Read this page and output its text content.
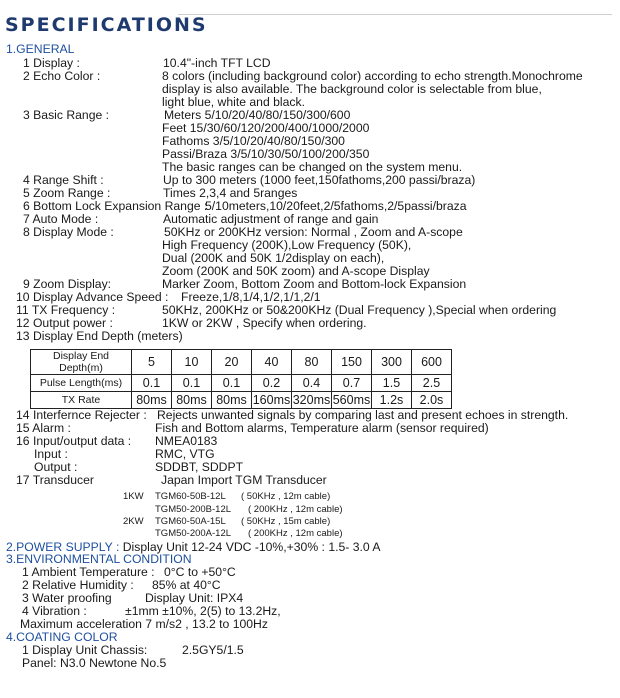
SPECIFICATIONS
1.GENERAL
1 Display :	10.4"-inch TFT LCD
2 Echo Color :	8 colors (including background color) according to echo strength.Monochrome
display is also available. The background color is selectable from blue,
light blue, white and black.
3 Basic Range :	Meters 5/10/20/40/80/150/300/600
Feet 15/30/60/120/200/400/1000/2000
Fathoms 3/5/10/20/40/80/150/300
Passi/Braza 3/5/10/30/50/100/200/350
The basic ranges can be changed on the system menu.
4 Range Shift :	Up to 300 meters (1000 feet,150fathoms,200 passi/braza)
5 Zoom Range :	Times 2,3,4 and 5ranges
6 Bottom Lock Expansion Range :
5/10meters,10/20feet,2/5fathoms,2/5passi/braza
7 Auto Mode :	Automatic adjustment of range and gain
8 Display Mode :	50KHz or 200KHz version: Normal , Zoom and A-scope
High Frequency (200K),Low Frequency (50K),
Dual (200K and 50K 1/2display on each),
Zoom (200K and 50K zoom) and A-scope Display
9 Zoom Display:	Marker Zoom, Bottom Zoom and Bottom-lock Expansion
10 Display Advance Speed : Freeze,1/8,1/4,1/2,1/1,2/1
11 TX Frequency :	50KHz, 200KHz or 50&200KHz (Dual Frequency ),Special when ordering
12 Output power :	1KW or 2KW , Specify when ordering.
13 Display End Depth (meters)
Display End Depth(m)	5	10	20	40	80	150	300	600
Pulse Length(ms)	0.1	0.1	0.1	0.2	0.4	0.7	1.5	2.5
TX Rate	80ms	80ms	80ms	160ms	320ms	560ms	1.2s	2.0s
14 Interfernce Rejecter : Rejects unwanted signals by comparing last and present echoes in strength.
15 Alarm :	Fish and Bottom alarms, Temperature alarm (sensor required)
16 Input/output data : NMEA0183
Input :	RMC, VTG
Output :	SDDBT, SDDPT
17 Transducer	Japan Import TGM Transducer
1KW TGM60-50B-12L ( 50KHz , 12m cable)
TGM50-200B-12L ( 200KHz , 12m cable)
2KW TGM60-50A-15L ( 50KHz , 15m cable)
TGM50-200A-12L ( 200KHz , 12m cable)
2.POWER SUPPLY : Display Unit 12-24 VDC -10%,+30% : 1.5- 3.0 A
3.ENVIRONMENTAL CONDITION
1 Ambient Temperature : 0°C to +50°C
2 Relative Humidity : 85% at 40°C
3 Water proofing	Display Unit: IPX4
4 Vibration :	±1mm ±10%, 2(5) to 13.2Hz,
Maximum acceleration 7 m/s2 , 13.2 to 100Hz
4.COATING COLOR
1 Display Unit Chassis:	2.5GY5/1.5
Panel: N3.0 Newtone No.5
